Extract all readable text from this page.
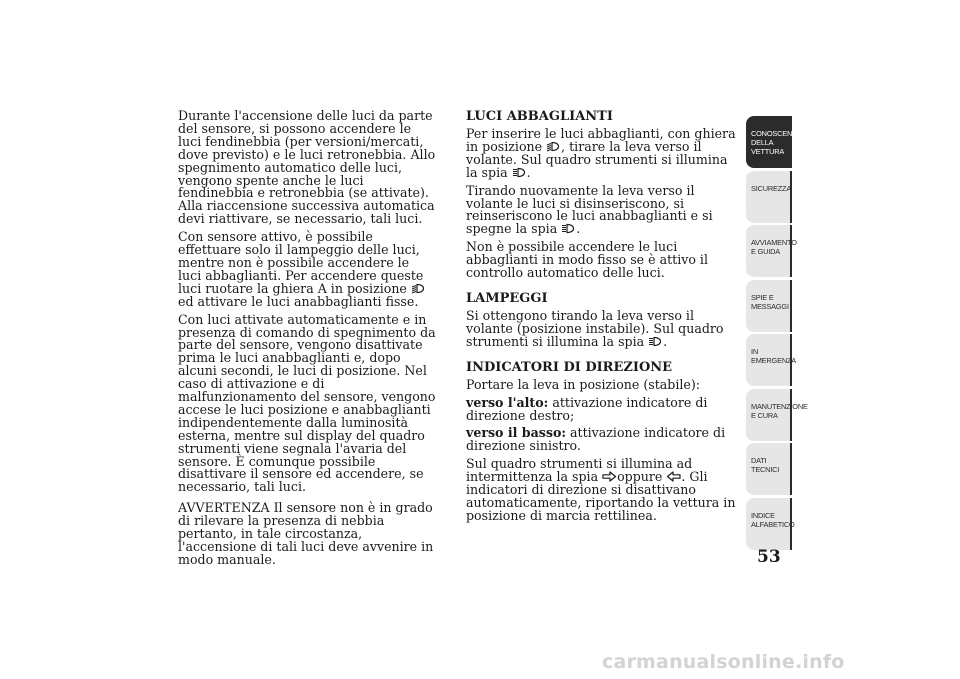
Durante l'accensione delle luci da parte del sensore, si possono accendere le luci fendinebbia (per versioni/mercati, dove previsto) e le luci retronebbia. Allo spegnimento automatico delle luci, vengono spente anche le luci fendinebbia e retronebbia (se attivate). Alla riaccensione successiva automatica devi riattivare, se necessario, tali luci.

Con sensore attivo, è possibile effettuare solo il lampeggio delle luci, mentre non è possibile accendere le luci abbaglianti. Per accendere queste luci ruotare la ghiera A in posizione
ed attivare le luci anabbaglianti fisse.

Con luci attivate automaticamente e in presenza di comando di spegnimento da parte del sensore, vengono disattivate prima le luci anabbaglianti e, dopo alcuni secondi, le luci di posizione. Nel caso di attivazione e di malfunzionamento del sensore, vengono accese le luci posizione e anabbaglianti indipendentemente dalla luminosità esterna, mentre sul display del quadro strumenti viene segnala l'avaria del sensore. È comunque possibile disattivare il sensore ed accendere, se necessario, tali luci.

AVVERTENZA Il sensore non è in grado di rilevare la presenza di nebbia pertanto, in tale circostanza, l'accensione di tali luci deve avvenire in modo manuale.

LUCI ABBAGLIANTI

Per inserire le luci abbaglianti, con ghiera in posizione , tirare la leva verso il volante. Sul quadro strumenti si illumina la spia .

Tirando nuovamente la leva verso il volante le luci si disinseriscono, si reinseriscono le luci anabbaglianti e si spegne la spia .

Non è possibile accendere le luci abbaglianti in modo fisso se è attivo il controllo automatico delle luci.

LAMPEGGI

Si ottengono tirando la leva verso il volante (posizione instabile). Sul quadro strumenti si illumina la spia .

INDICATORI DI DIREZIONE

Portare la leva in posizione (stabile):

verso l'alto: attivazione indicatore di direzione destro;

verso il basso: attivazione indicatore di direzione sinistro.

Sul quadro strumenti si illumina ad intermittenza la spia oppure . Gli indicatori di direzione si disattivano automaticamente, riportando la vettura in posizione di marcia rettilinea.

CONOSCENZA DELLA VETTURA
SICUREZZA
AVVIAMENTO E GUIDA
SPIE E MESSAGGI
IN EMERGENZA
MANUTENZIONE E CURA
DATI TECNICI
INDICE ALFABETICO
53
carmanualsonline.info
